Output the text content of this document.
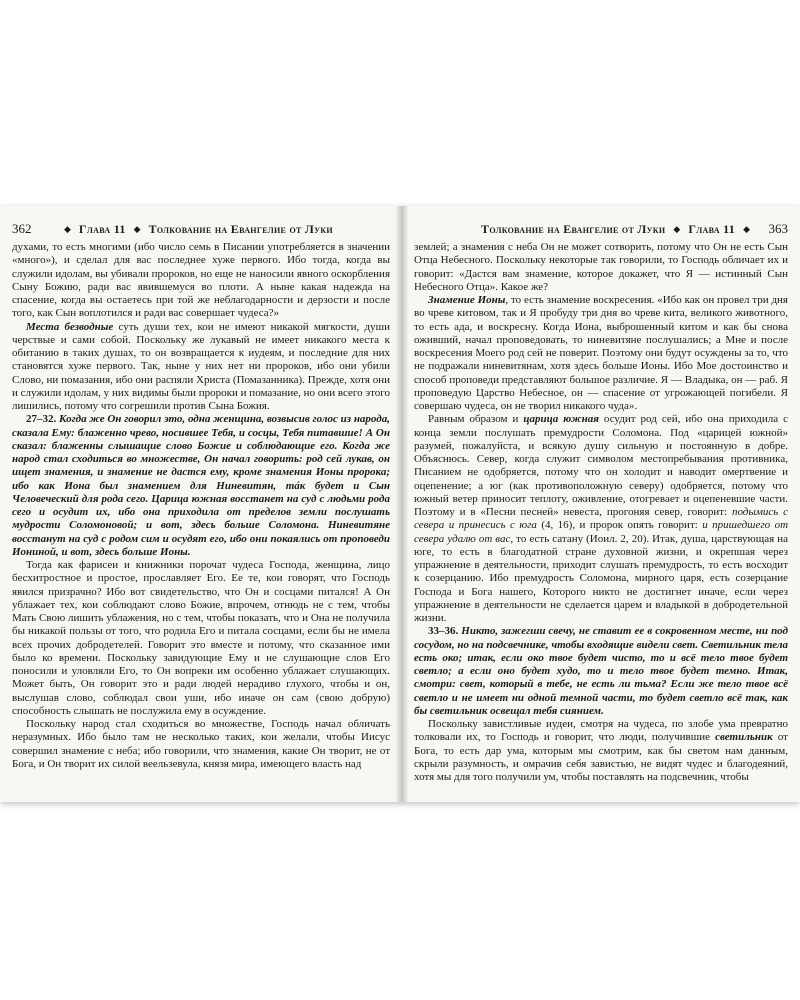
362	◆ Глава 11 ◆ Толкование на Евангелие от Луки

духами, то есть многими (ибо число семь в Писании употребляется в значении «много»), и сделал для вас последнее хуже первого. Ибо тогда, когда вы служили идолам, вы убивали пророков, но еще не наносили явного оскорбления Сыну Божию, ради вас явившемуся во плоти. А ныне какая надежда на спасение, когда вы остаетесь при той же неблагодарности и дерзости и после того, как Сын воплотился и ради вас совершает чудеса?»

Места безводные суть души тех, кои не имеют никакой мягкости, души черствые и сами собой. Поскольку же лукавый не имеет никакого места к обитанию в таких душах, то он возвращается к иудеям, и последние для них становятся хуже первого. Так, ныне у них нет ни пророков, ибо они убили Слово, ни помазания, ибо они распяли Христа (Помазанника). Прежде, хотя они и служили идолам, у них видимы были пророки и помазание, но они всего этого лишились, потому что согрешили против Сына Божия.

27–32. Когда же Он говорил это, одна женщина, возвысив голос из народа, сказала Ему: блаженно чрево, носившее Тебя, и сосцы, Тебя питавшие! А Он сказал: блаженны слышащие слово Божие и соблюдающие его. Когда же народ стал сходиться во множестве, Он начал говорить: род сей лукав, он ищет знамения, и знамение не дастся ему, кроме знамения Ионы пророка; ибо как Иона был знамением для Ниневитян, тáк будет и Сын Человеческий для рода сего. Царица южная восстанет на суд с людьми рода сего и осудит их, ибо она приходила от пределов земли послушать мудрости Соломоновой; и вот, здесь больше Соломона. Ниневитяне восстанут на суд с родом сим и осудят его, ибо они покаялись от проповеди Иониной, и вот, здесь больше Ионы.

Тогда как фарисеи и книжники порочат чудеса Господа, женщина, лицо бесхитростное и простое, прославляет Его. Ее те, кои говорят, что Господь явился призрачно? Ибо вот свидетельство, что Он и сосцами питался! А Он ублажает тех, кои соблюдают слово Божие, впрочем, отнюдь не с тем, чтобы Мать Свою лишить ублажения, но с тем, чтобы показать, что и Она не получила бы никакой пользы от того, что родила Его и питала сосцами, если бы не имела всех прочих добродетелей. Говорит это вместе и потому, что сказанное ими было ко времени. Поскольку завидующие Ему и не слушающие слов Его поносили и уловляли Его, то Он вопреки им особенно ублажает слушающих. Может быть, Он говорит это и ради людей нерадиво глухого, чтобы и он, выслушав слово, соблюдал свои уши, ибо иначе он сам (свою добрую) способность слышать не послужила ему в осуждение.

Поскольку народ стал сходиться во множестве, Господь начал обличать неразумных. Ибо было там не несколько таких, кои желали, чтобы Иисус совершил знамение с неба; ибо говорили, что знамения, какие Он творит, не от Бога, и Он творит их силой веельзевула, князя мира, имеющего власть над

Толкование на Евангелие от Луки ◆ Глава 11 ◆	363

землей; а знамения с неба Он не может сотворить, потому что Он не есть Сын Отца Небесного. Поскольку некоторые так говорили, то Господь обличает их и говорит: «Дастся вам знамение, которое докажет, что Я — истинный Сын Небесного Отца». Какое же?

Знамение Ионы, то есть знамение воскресения. «Ибо как он провел три дня во чреве китовом, так и Я пробуду три дня во чреве кита, великого животного, то есть ада, и воскресну. Когда Иона, выброшенный китом и как бы снова оживший, начал проповедовать, то ниневитяне послушались; а Мне и после воскресения Моего род сей не поверит. Поэтому они будут осуждены за то, что не подражали ниневитянам, хотя здесь больше Ионы. Ибо Мое достоинство и способ проповеди представляют большое различие. Я — Владыка, он — раб. Я проповедую Царство Небесное, он — спасение от угрожающей погибели. Я совершаю чудеса, он не творил никакого чуда».

Равным образом и царица южная осудит род сей, ибо она приходила с конца земли послушать премудрости Соломона. Под «царицей южной» разумей, пожалуйста, и всякую душу сильную и постоянную в добре. Объяснюсь. Север, когда служит символом местопребывания противника, Писанием не одобряется, потому что он холодит и наводит омертвение и оцепенение; а юг (как противоположную северу) одобряется, потому что южный ветер приносит теплоту, оживление, отогревает и оцепеневшие части. Поэтому и в «Песни песней» невеста, прогоняя север, говорит: подымись с севера и принесись с юга (4, 16), и пророк опять говорит: и пришедшего от севера удалю от вас, то есть сатану (Иоил. 2, 20). Итак, душа, царствующая на юге, то есть в благодатной стране духовной жизни, и окрепшая через упражнение в деятельности, приходит слушать премудрость, то есть восходит к созерцанию. Ибо премудрость Соломона, мирного царя, есть созерцание Господа и Бога нашего, Которого никто не достигнет иначе, если через упражнение в деятельности не сделается царем и владыкой в добродетельной жизни.

33–36. Никто, зажегши свечу, не ставит ее в сокровенном месте, ни под сосудом, но на подсвечнике, чтобы входящие видели свет. Светильник тела есть око; итак, если око твое будет чисто, то и всё тело твое будет светло; а если оно будет худо, то и тело твое будет темно. Итак, смотри: свет, который в тебе, не есть ли тьма? Если же тело твое всё светло и не имеет ни одной темной части, то будет светло всё так, как бы светильник освещал тебя сиянием.

Поскольку завистливые иудеи, смотря на чудеса, по злобе ума превратно толковали их, то Господь и говорит, что люди, получившие светильник от Бога, то есть дар ума, которым мы смотрим, как бы светом нам данным, скрыли разумность, и омрачив себя завистью, не видят чудес и благодеяний, хотя мы для того получили ум, чтобы поставлять на подсвечник, чтобы
